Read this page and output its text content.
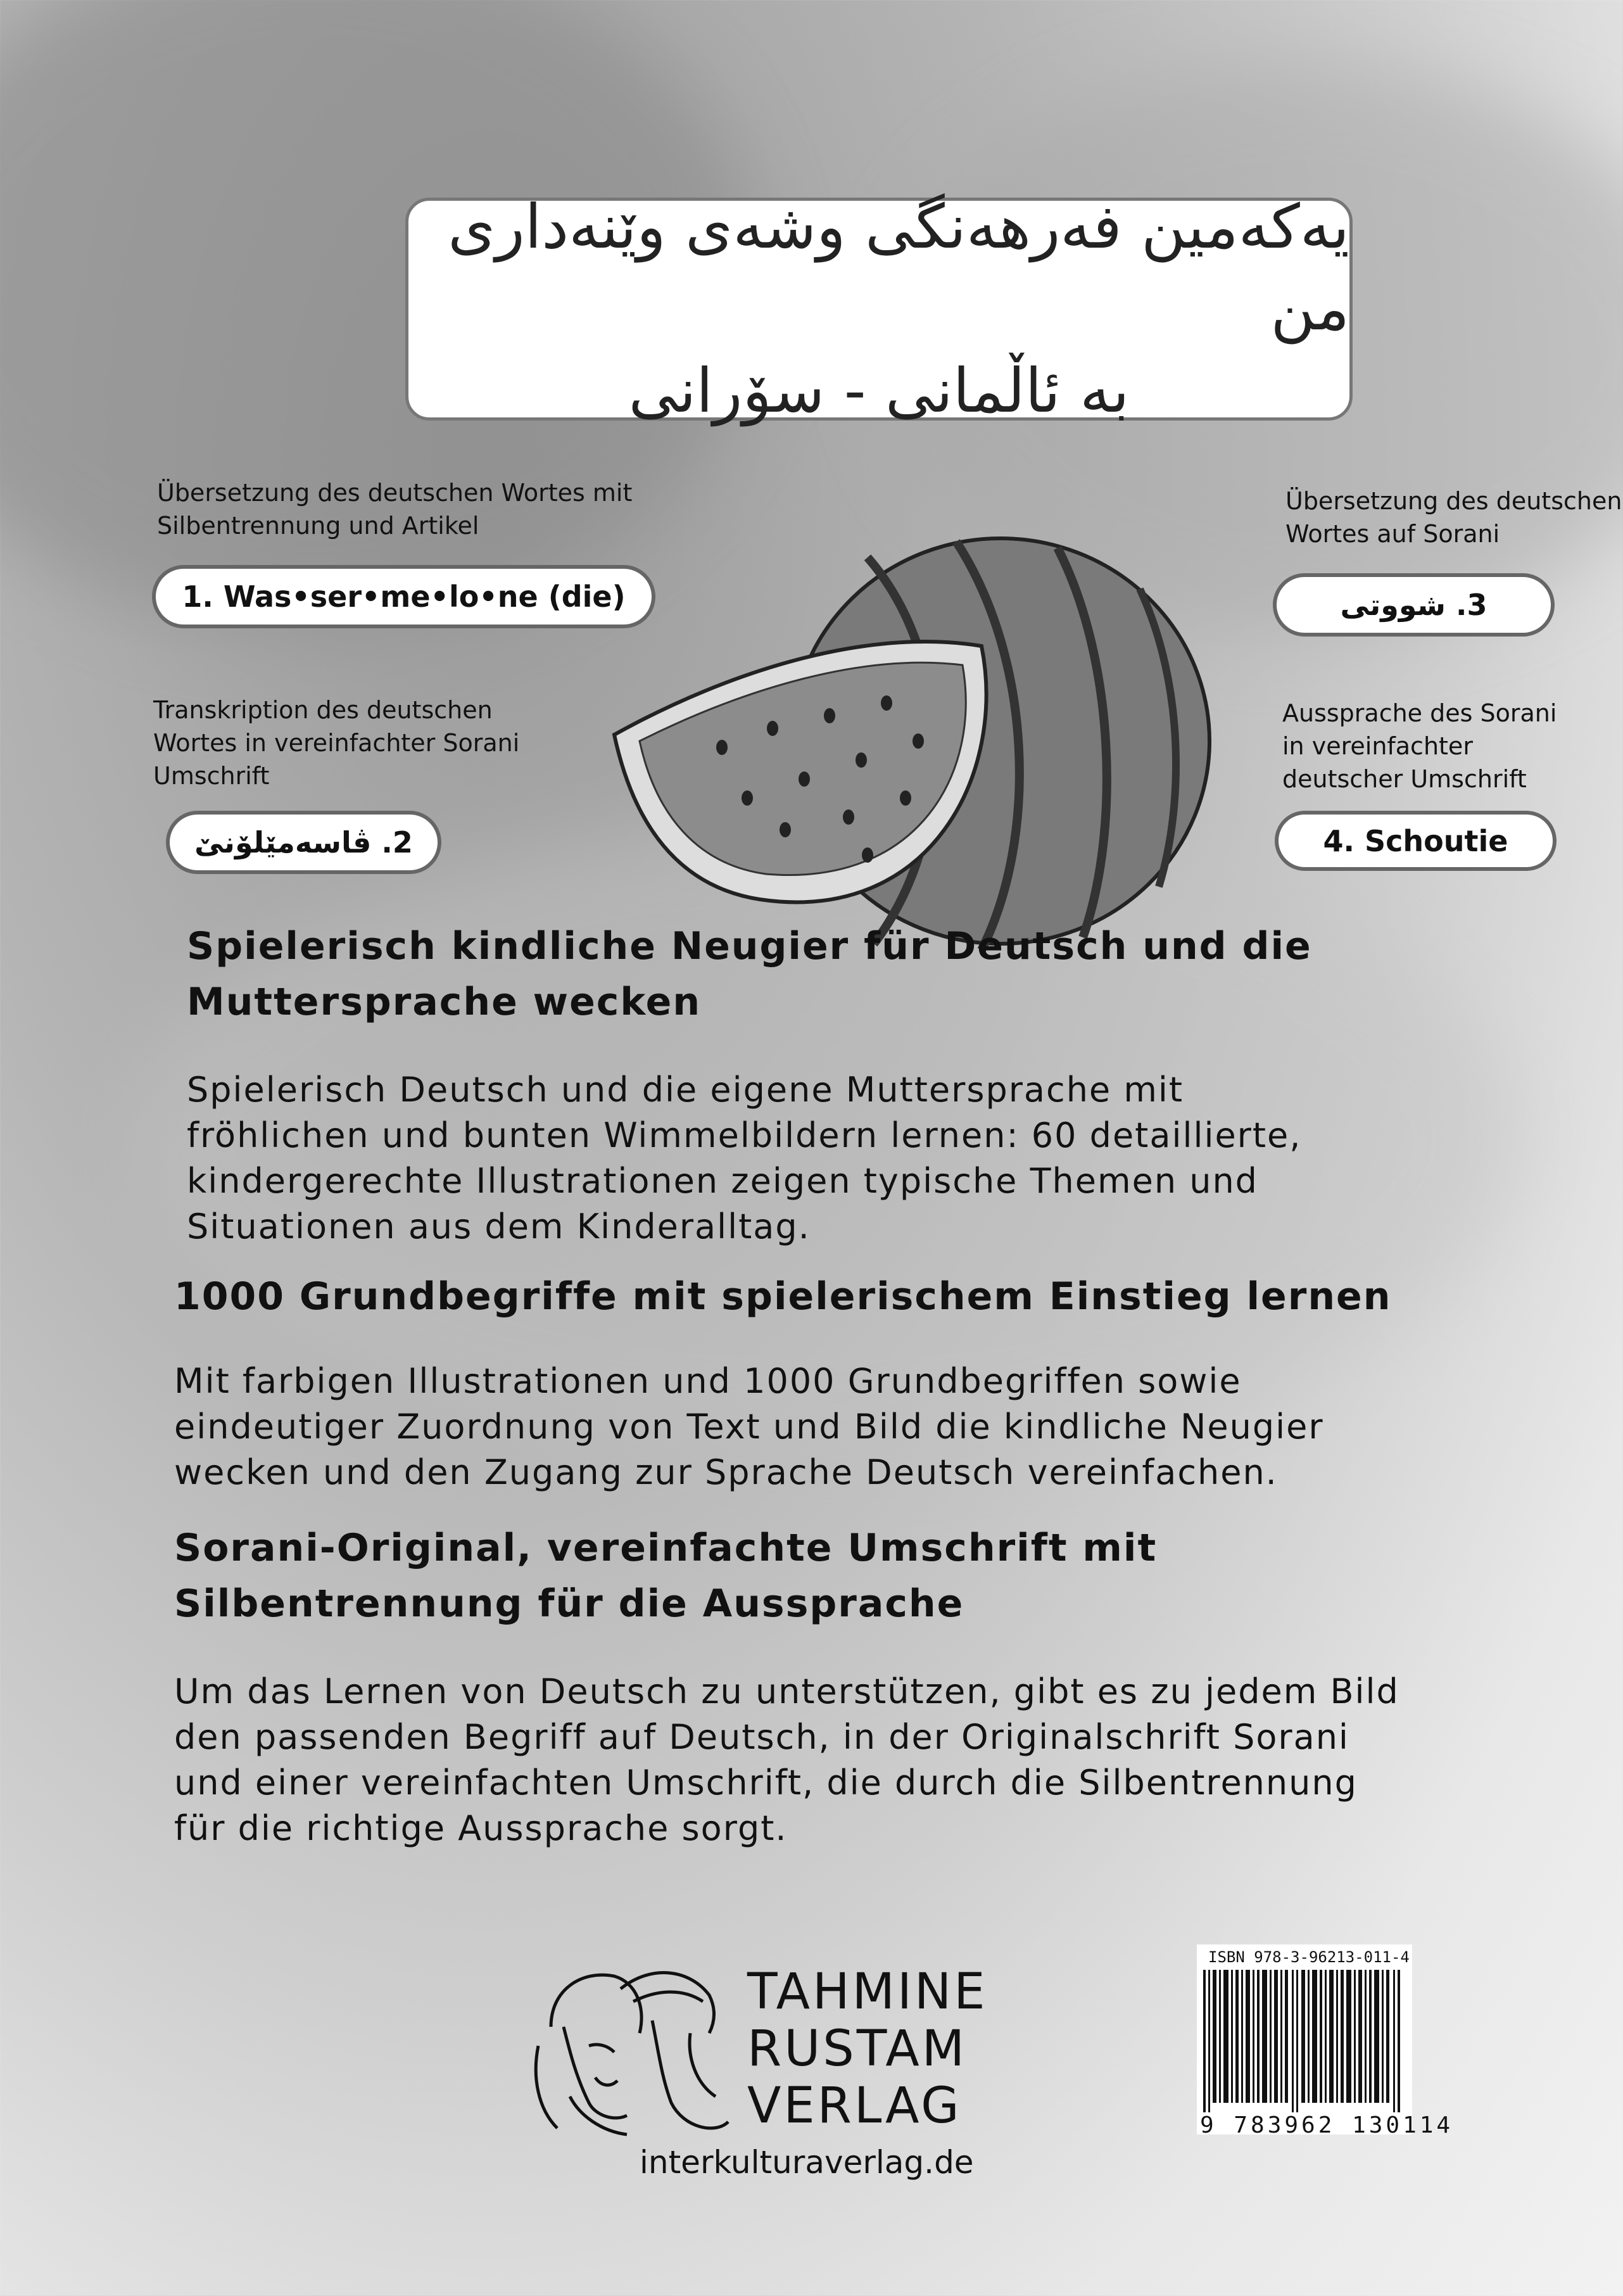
یەکەمین فەرهەنگی وشەی وێنەداری من
بە ئاڵمانی - سۆرانی
Übersetzung des deutschen Wortes mit
Silbentrennung und Artikel
1. Was•ser•me•lo•ne (die)
Übersetzung des deutschen
Wortes auf Sorani
3. شووتی
Transkription des deutschen
Wortes in vereinfachter Sorani
Umschrift
2. ڤاسەمێلۆنێ
Aussprache des Sorani
in vereinfachter
deutscher Umschrift
4. Schoutie
Spielerisch kindliche Neugier für Deutsch und die
Muttersprache wecken
Spielerisch Deutsch und die eigene Muttersprache mit
fröhlichen und bunten Wimmelbildern lernen: 60 detaillierte,
kindergerechte Illustrationen zeigen typische Themen und
Situationen aus dem Kinderalltag.
1000 Grundbegriffe mit spielerischem Einstieg lernen
Mit farbigen Illustrationen und 1000 Grundbegriffen sowie
eindeutiger Zuordnung von Text und Bild die kindliche Neugier
wecken und den Zugang zur Sprache Deutsch vereinfachen.
Sorani-Original, vereinfachte Umschrift mit
Silbentrennung für die Aussprache
Um das Lernen von Deutsch zu unterstützen, gibt es zu jedem Bild
den passenden Begriff auf Deutsch, in der Originalschrift Sorani
und einer vereinfachten Umschrift, die durch die Silbentrennung
für die richtige Aussprache sorgt.
TAHMINE
RUSTAM
VERLAG
interkulturaverlag.de
ISBN 978-3-96213-011-4
9 783962 130114
